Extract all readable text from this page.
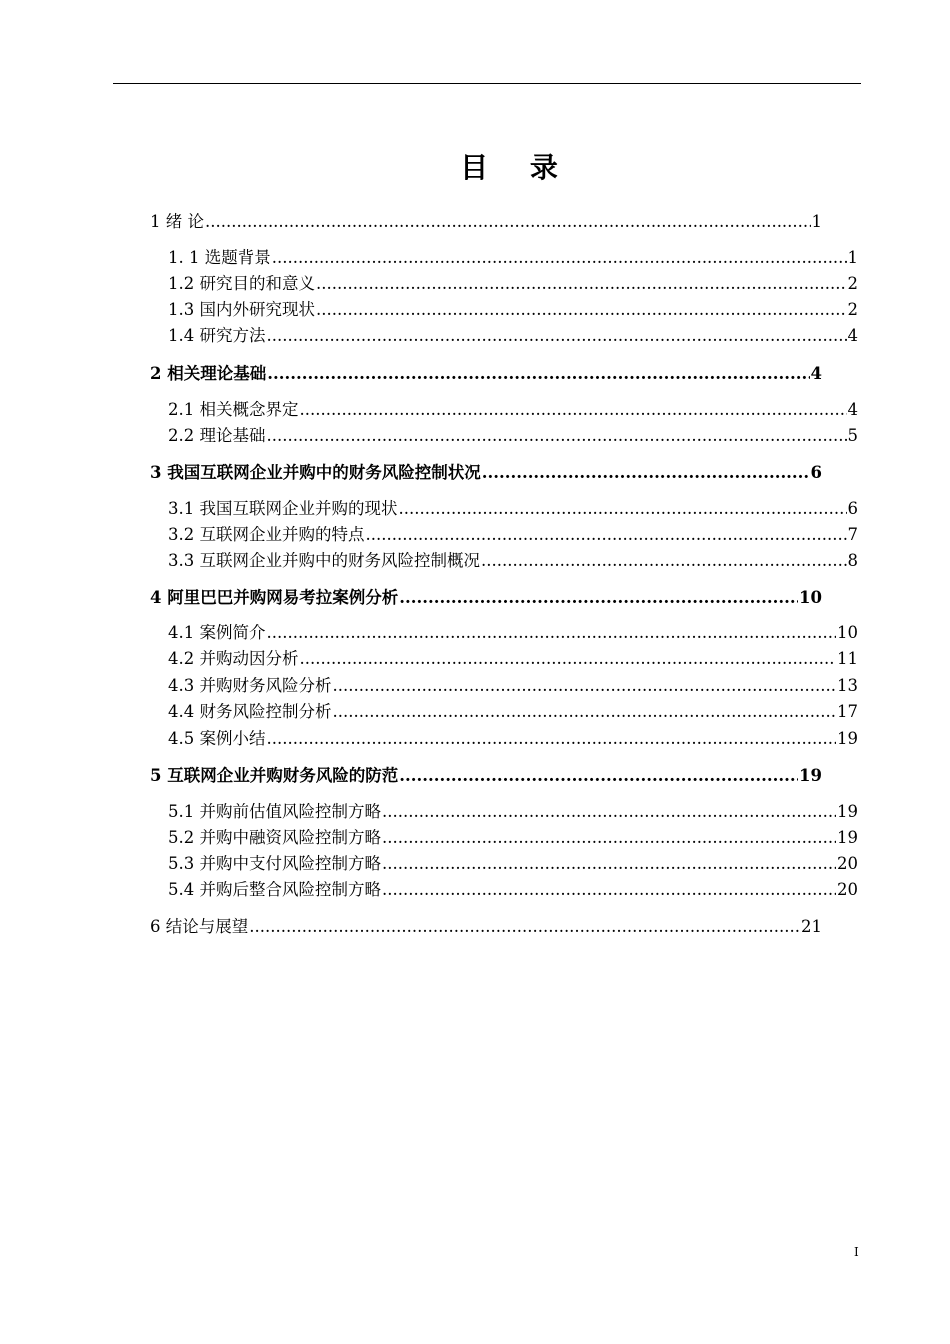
目 录
1 绪 论 .....	1
1. 1 选题背景 .....	1
1.2 研究目的和意义 .....	2
1.3 国内外研究现状 .....	2
1.4 研究方法 .....	4
2 相关理论基础 .....	4
2.1 相关概念界定 .....	4
2.2 理论基础 .....	5
3 我国互联网企业并购中的财务风险控制状况 .....	6
3.1 我国互联网企业并购的现状 .....	6
3.2 互联网企业并购的特点 .....	7
3.3 互联网企业并购中的财务风险控制概况 .....	8
4 阿里巴巴并购网易考拉案例分析 .....	10
4.1 案例简介 .....	10
4.2 并购动因分析 .....	11
4.3 并购财务风险分析 .....	13
4.4 财务风险控制分析 .....	17
4.5 案例小结 .....	19
5 互联网企业并购财务风险的防范 .....	19
5.1 并购前估值风险控制方略 .....	19
5.2 并购中融资风险控制方略 .....	19
5.3 并购中支付风险控制方略 .....	20
5.4 并购后整合风险控制方略 .....	20
6 结论与展望 .....	21
I
